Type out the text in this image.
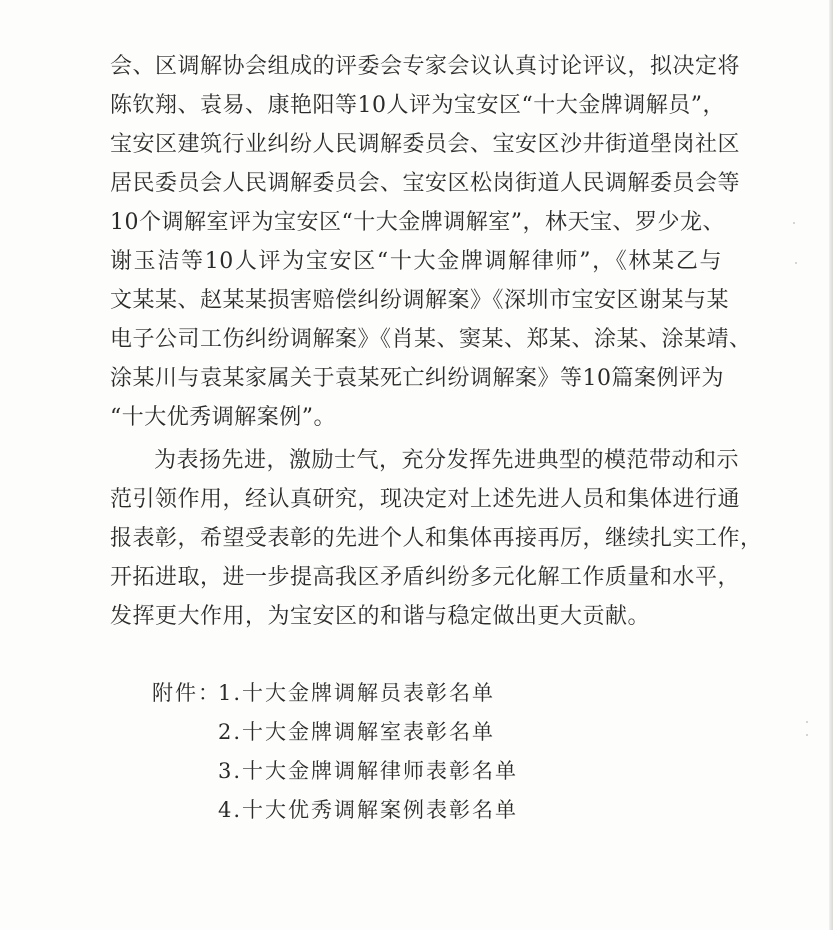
会、区调解协会组成的评委会专家会议认真讨论评议，拟决定将
陈钦翔、袁易、康艳阳等10人评为宝安区“十大金牌调解员”，
宝安区建筑行业纠纷人民调解委员会、宝安区沙井街道壆岗社区
居民委员会人民调解委员会、宝安区松岗街道人民调解委员会等
10个调解室评为宝安区“十大金牌调解室”，林天宝、罗少龙、
谢玉洁等10人评为宝安区“十大金牌调解律师”，《林某乙与
文某某、赵某某损害赔偿纠纷调解案》《深圳市宝安区谢某与某
电子公司工伤纠纷调解案》《肖某、窦某、郑某、涂某、涂某靖、
涂某川与袁某家属关于袁某死亡纠纷调解案》等10篇案例评为
“十大优秀调解案例”。
为表扬先进，激励士气，充分发挥先进典型的模范带动和示
范引领作用，经认真研究，现决定对上述先进人员和集体进行通
报表彰，希望受表彰的先进个人和集体再接再厉，继续扎实工作，
开拓进取，进一步提高我区矛盾纠纷多元化解工作质量和水平，
发挥更大作用，为宝安区的和谐与稳定做出更大贡献。
附件：
1.十大金牌调解员表彰名单
2.十大金牌调解室表彰名单
3.十大金牌调解律师表彰名单
4.十大优秀调解案例表彰名单
